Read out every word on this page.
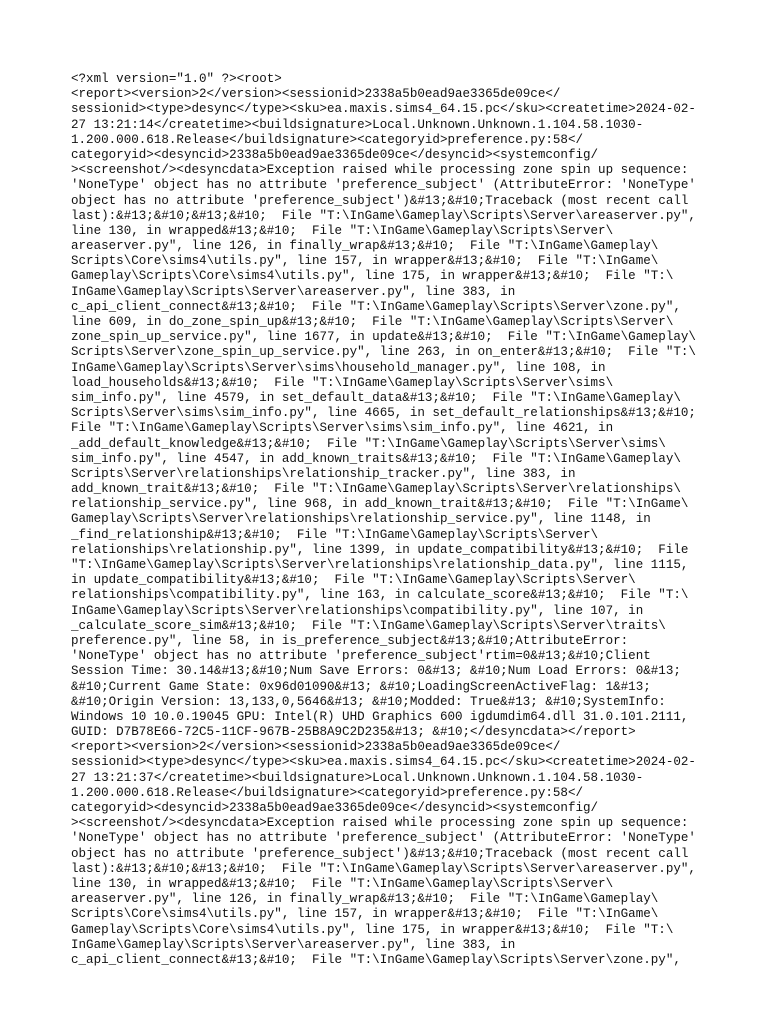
<?xml version="1.0" ?><root>
<report><version>2</version><sessionid>2338a5b0ead9ae3365de09ce</
sessionid><type>desync</type><sku>ea.maxis.sims4_64.15.pc</sku><createtime>2024-02-
27 13:21:14</createtime><buildsignature>Local.Unknown.Unknown.1.104.58.1030-
1.200.000.618.Release</buildsignature><categoryid>preference.py:58</
categoryid><desyncid>2338a5b0ead9ae3365de09ce</desyncid><systemconfig/
><screenshot/><desyncdata>Exception raised while processing zone spin up sequence:
'NoneType' object has no attribute 'preference_subject' (AttributeError: 'NoneType'
object has no attribute 'preference_subject')&#13;&#10;Traceback (most recent call
last):&#13;&#10;&#13;&#10;  File "T:\InGame\Gameplay\Scripts\Server\areaserver.py",
line 130, in wrapped&#13;&#10;  File "T:\InGame\Gameplay\Scripts\Server\
areaserver.py", line 126, in finally_wrap&#13;&#10;  File "T:\InGame\Gameplay\
Scripts\Core\sims4\utils.py", line 157, in wrapper&#13;&#10;  File "T:\InGame\
Gameplay\Scripts\Core\sims4\utils.py", line 175, in wrapper&#13;&#10;  File "T:\
InGame\Gameplay\Scripts\Server\areaserver.py", line 383, in
c_api_client_connect&#13;&#10;  File "T:\InGame\Gameplay\Scripts\Server\zone.py",
line 609, in do_zone_spin_up&#13;&#10;  File "T:\InGame\Gameplay\Scripts\Server\
zone_spin_up_service.py", line 1677, in update&#13;&#10;  File "T:\InGame\Gameplay\
Scripts\Server\zone_spin_up_service.py", line 263, in on_enter&#13;&#10;  File "T:\
InGame\Gameplay\Scripts\Server\sims\household_manager.py", line 108, in
load_households&#13;&#10;  File "T:\InGame\Gameplay\Scripts\Server\sims\
sim_info.py", line 4579, in set_default_data&#13;&#10;  File "T:\InGame\Gameplay\
Scripts\Server\sims\sim_info.py", line 4665, in set_default_relationships&#13;&#10;
File "T:\InGame\Gameplay\Scripts\Server\sims\sim_info.py", line 4621, in
_add_default_knowledge&#13;&#10;  File "T:\InGame\Gameplay\Scripts\Server\sims\
sim_info.py", line 4547, in add_known_traits&#13;&#10;  File "T:\InGame\Gameplay\
Scripts\Server\relationships\relationship_tracker.py", line 383, in
add_known_trait&#13;&#10;  File "T:\InGame\Gameplay\Scripts\Server\relationships\
relationship_service.py", line 968, in add_known_trait&#13;&#10;  File "T:\InGame\
Gameplay\Scripts\Server\relationships\relationship_service.py", line 1148, in
_find_relationship&#13;&#10;  File "T:\InGame\Gameplay\Scripts\Server\
relationships\relationship.py", line 1399, in update_compatibility&#13;&#10;  File
"T:\InGame\Gameplay\Scripts\Server\relationships\relationship_data.py", line 1115,
in update_compatibility&#13;&#10;  File "T:\InGame\Gameplay\Scripts\Server\
relationships\compatibility.py", line 163, in calculate_score&#13;&#10;  File "T:\
InGame\Gameplay\Scripts\Server\relationships\compatibility.py", line 107, in
_calculate_score_sim&#13;&#10;  File "T:\InGame\Gameplay\Scripts\Server\traits\
preference.py", line 58, in is_preference_subject&#13;&#10;AttributeError:
'NoneType' object has no attribute 'preference_subject'rtim=0&#13;&#10;Client
Session Time: 30.14&#13;&#10;Num Save Errors: 0&#13; &#10;Num Load Errors: 0&#13;
&#10;Current Game State: 0x96d01090&#13; &#10;LoadingScreenActiveFlag: 1&#13;
&#10;Origin Version: 13,133,0,5646&#13; &#10;Modded: True&#13; &#10;SystemInfo:
Windows 10 10.0.19045 GPU: Intel(R) UHD Graphics 600 igdumdim64.dll 31.0.101.2111,
GUID: D7B78E66-72C5-11CF-967B-25B8A9C2D235&#13; &#10;</desyncdata></report>
<report><version>2</version><sessionid>2338a5b0ead9ae3365de09ce</
sessionid><type>desync</type><sku>ea.maxis.sims4_64.15.pc</sku><createtime>2024-02-
27 13:21:37</createtime><buildsignature>Local.Unknown.Unknown.1.104.58.1030-
1.200.000.618.Release</buildsignature><categoryid>preference.py:58</
categoryid><desyncid>2338a5b0ead9ae3365de09ce</desyncid><systemconfig/
><screenshot/><desyncdata>Exception raised while processing zone spin up sequence:
'NoneType' object has no attribute 'preference_subject' (AttributeError: 'NoneType'
object has no attribute 'preference_subject')&#13;&#10;Traceback (most recent call
last):&#13;&#10;&#13;&#10;  File "T:\InGame\Gameplay\Scripts\Server\areaserver.py",
line 130, in wrapped&#13;&#10;  File "T:\InGame\Gameplay\Scripts\Server\
areaserver.py", line 126, in finally_wrap&#13;&#10;  File "T:\InGame\Gameplay\
Scripts\Core\sims4\utils.py", line 157, in wrapper&#13;&#10;  File "T:\InGame\
Gameplay\Scripts\Core\sims4\utils.py", line 175, in wrapper&#13;&#10;  File "T:\
InGame\Gameplay\Scripts\Server\areaserver.py", line 383, in
c_api_client_connect&#13;&#10;  File "T:\InGame\Gameplay\Scripts\Server\zone.py",
